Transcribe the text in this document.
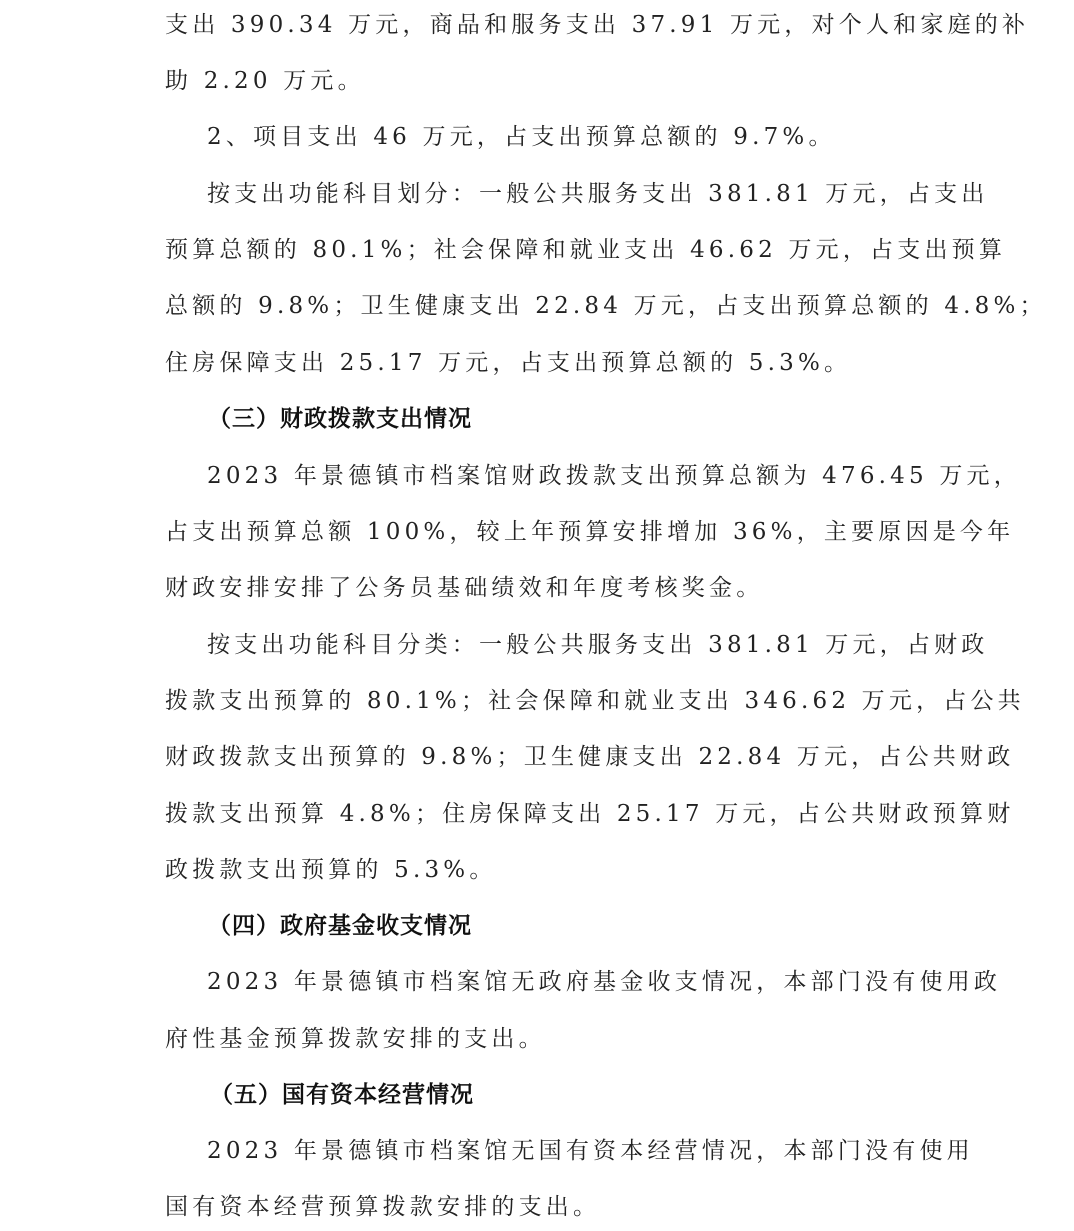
支出 390.34 万元，商品和服务支出 37.91 万元，对个人和家庭的补
助 2.20 万元。
2、项目支出 46 万元，占支出预算总额的 9.7%。
按支出功能科目划分：一般公共服务支出 381.81 万元，占支出
预算总额的 80.1%；社会保障和就业支出 46.62 万元，占支出预算
总额的 9.8%；卫生健康支出 22.84 万元，占支出预算总额的 4.8%；
住房保障支出 25.17 万元，占支出预算总额的 5.3%。
（三）财政拨款支出情况
2023 年景德镇市档案馆财政拨款支出预算总额为 476.45 万元，
占支出预算总额 100%，较上年预算安排增加 36%，主要原因是今年
财政安排安排了公务员基础绩效和年度考核奖金。
按支出功能科目分类：一般公共服务支出 381.81 万元，占财政
拨款支出预算的 80.1%；社会保障和就业支出 346.62 万元，占公共
财政拨款支出预算的 9.8%；卫生健康支出 22.84 万元，占公共财政
拨款支出预算 4.8%；住房保障支出 25.17 万元，占公共财政预算财
政拨款支出预算的 5.3%。
（四）政府基金收支情况
2023 年景德镇市档案馆无政府基金收支情况，本部门没有使用政
府性基金预算拨款安排的支出。
（五）国有资本经营情况
2023 年景德镇市档案馆无国有资本经营情况，本部门没有使用
国有资本经营预算拨款安排的支出。
